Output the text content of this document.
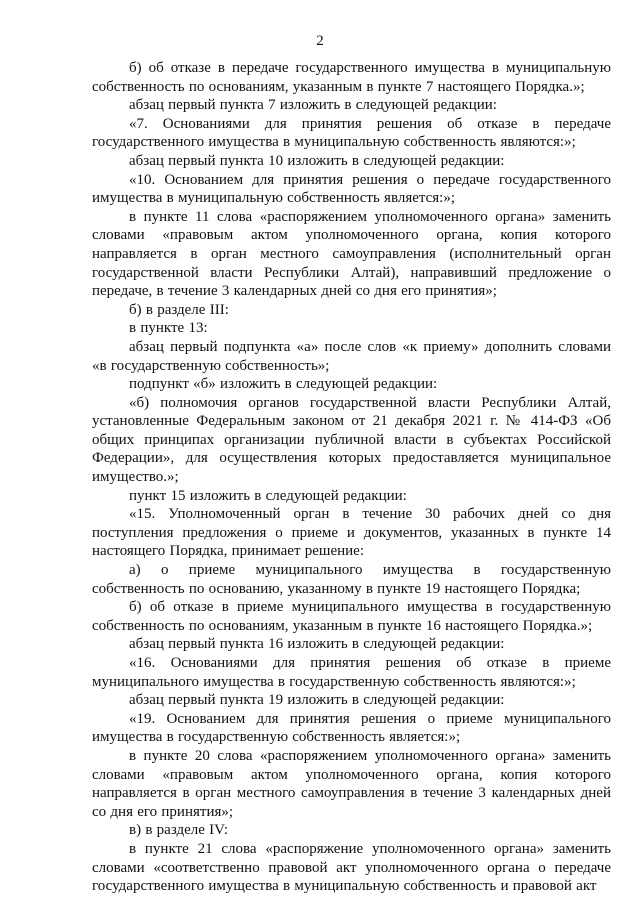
2

б) об отказе в передаче государственного имущества в муниципальную собственность по основаниям, указанным в пункте 7 настоящего Порядка.»;

абзац первый пункта 7 изложить в следующей редакции:

«7. Основаниями для принятия решения об отказе в передаче государственного имущества в муниципальную собственность являются:»;

абзац первый пункта 10 изложить в следующей редакции:

«10. Основанием для принятия решения о передаче государственного имущества в муниципальную собственность является:»;

в пункте 11 слова «распоряжением уполномоченного органа» заменить словами «правовым актом уполномоченного органа, копия которого направляется в орган местного самоуправления (исполнительный орган государственной власти Республики Алтай), направивший предложение о передаче, в течение 3 календарных дней со дня его принятия»;

б) в разделе III:

в пункте 13:

абзац первый подпункта «а» после слов «к приему» дополнить словами «в государственную собственность»;

подпункт «б» изложить в следующей редакции:

«б) полномочия органов государственной власти Республики Алтай, установленные Федеральным законом от 21 декабря 2021 г. № 414-ФЗ «Об общих принципах организации публичной власти в субъектах Российской Федерации», для осуществления которых предоставляется муниципальное имущество.»;

пункт 15 изложить в следующей редакции:

«15. Уполномоченный орган в течение 30 рабочих дней со дня поступления предложения о приеме и документов, указанных в пункте 14 настоящего Порядка, принимает решение:

а) о приеме муниципального имущества в государственную собственность по основанию, указанному в пункте 19 настоящего Порядка;

б) об отказе в приеме муниципального имущества в государственную собственность по основаниям, указанным в пункте 16 настоящего Порядка.»;

абзац первый пункта 16 изложить в следующей редакции:

«16. Основаниями для принятия решения об отказе в приеме муниципального имущества в государственную собственность являются:»;

абзац первый пункта 19 изложить в следующей редакции:

«19. Основанием для принятия решения о приеме муниципального имущества в государственную собственность является:»;

в пункте 20 слова «распоряжением уполномоченного органа» заменить словами «правовым актом уполномоченного органа, копия которого направляется в орган местного самоуправления в течение 3 календарных дней со дня его принятия»;

в) в разделе IV:

в пункте 21 слова «распоряжение уполномоченного органа» заменить словами «соответственно правовой акт уполномоченного органа о передаче государственного имущества в муниципальную собственность и правовой акт
